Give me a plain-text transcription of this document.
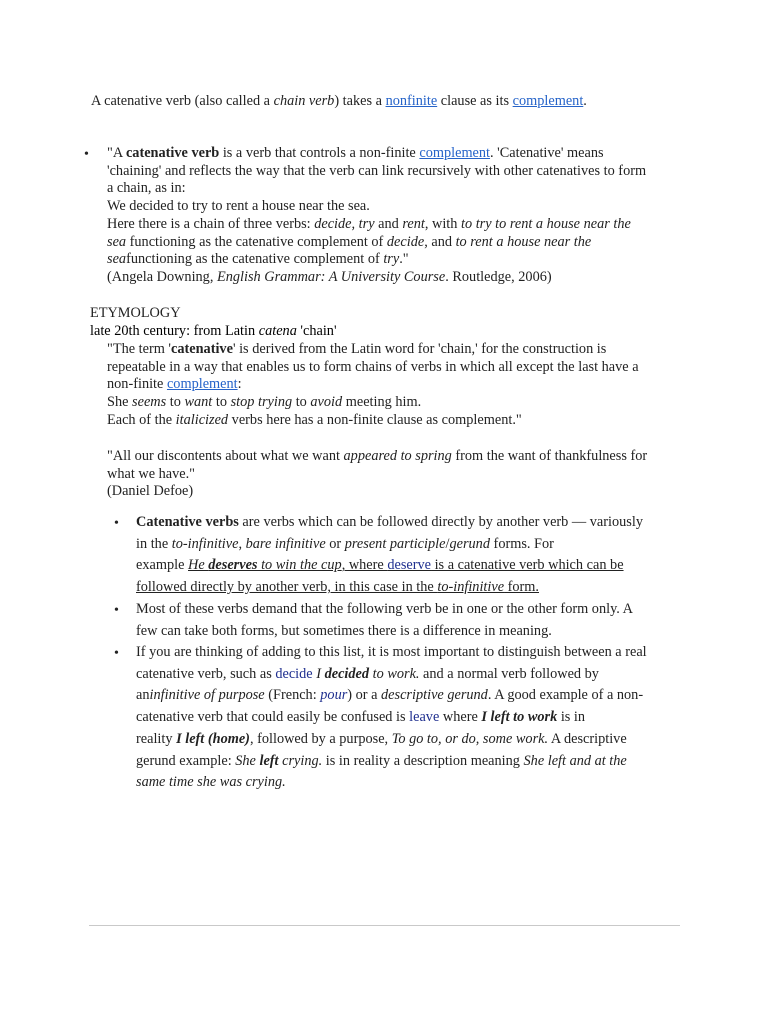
A catenative verb (also called a chain verb) takes a nonfinite clause as its complement.
• "A catenative verb is a verb that controls a non-finite complement. 'Catenative' means
'chaining' and reflects the way that the verb can link recursively with other catenatives to form
a chain, as in:
We decided to try to rent a house near the sea.
Here there is a chain of three verbs: decide, try and rent, with to try to rent a house near the
sea functioning as the catenative complement of decide, and to rent a house near the
seafunctioning as the catenative complement of try."
(Angela Downing, English Grammar: A University Course. Routledge, 2006)
ETYMOLOGY
late 20th century: from Latin catena 'chain'
"The term 'catenative' is derived from the Latin word for 'chain,' for the construction is
repeatable in a way that enables us to form chains of verbs in which all except the last have a
non-finite complement:
She seems to want to stop trying to avoid meeting him.
Each of the italicized verbs here has a non-finite clause as complement."
"All our discontents about what we want appeared to spring from the want of thankfulness for
what we have."
(Daniel Defoe)
• Catenative verbs are verbs which can be followed directly by another verb — variously
in the to-infinitive, bare infinitive or present participle/gerund forms. For
example He deserves to win the cup, where deserve is a catenative verb which can be
followed directly by another verb, in this case in the to-infinitive form.
• Most of these verbs demand that the following verb be in one or the other form only. A
few can take both forms, but sometimes there is a difference in meaning.
• If you are thinking of adding to this list, it is most important to distinguish between a real
catenative verb, such as decide I decided to work. and a normal verb followed by
aninfinitive of purpose (French: pour) or a descriptive gerund. A good example of a non-
catenative verb that could easily be confused is leave where I left to work is in
reality I left (home), followed by a purpose, To go to, or do, some work. A descriptive
gerund example: She left crying. is in reality a description meaning She left and at the
same time she was crying.
